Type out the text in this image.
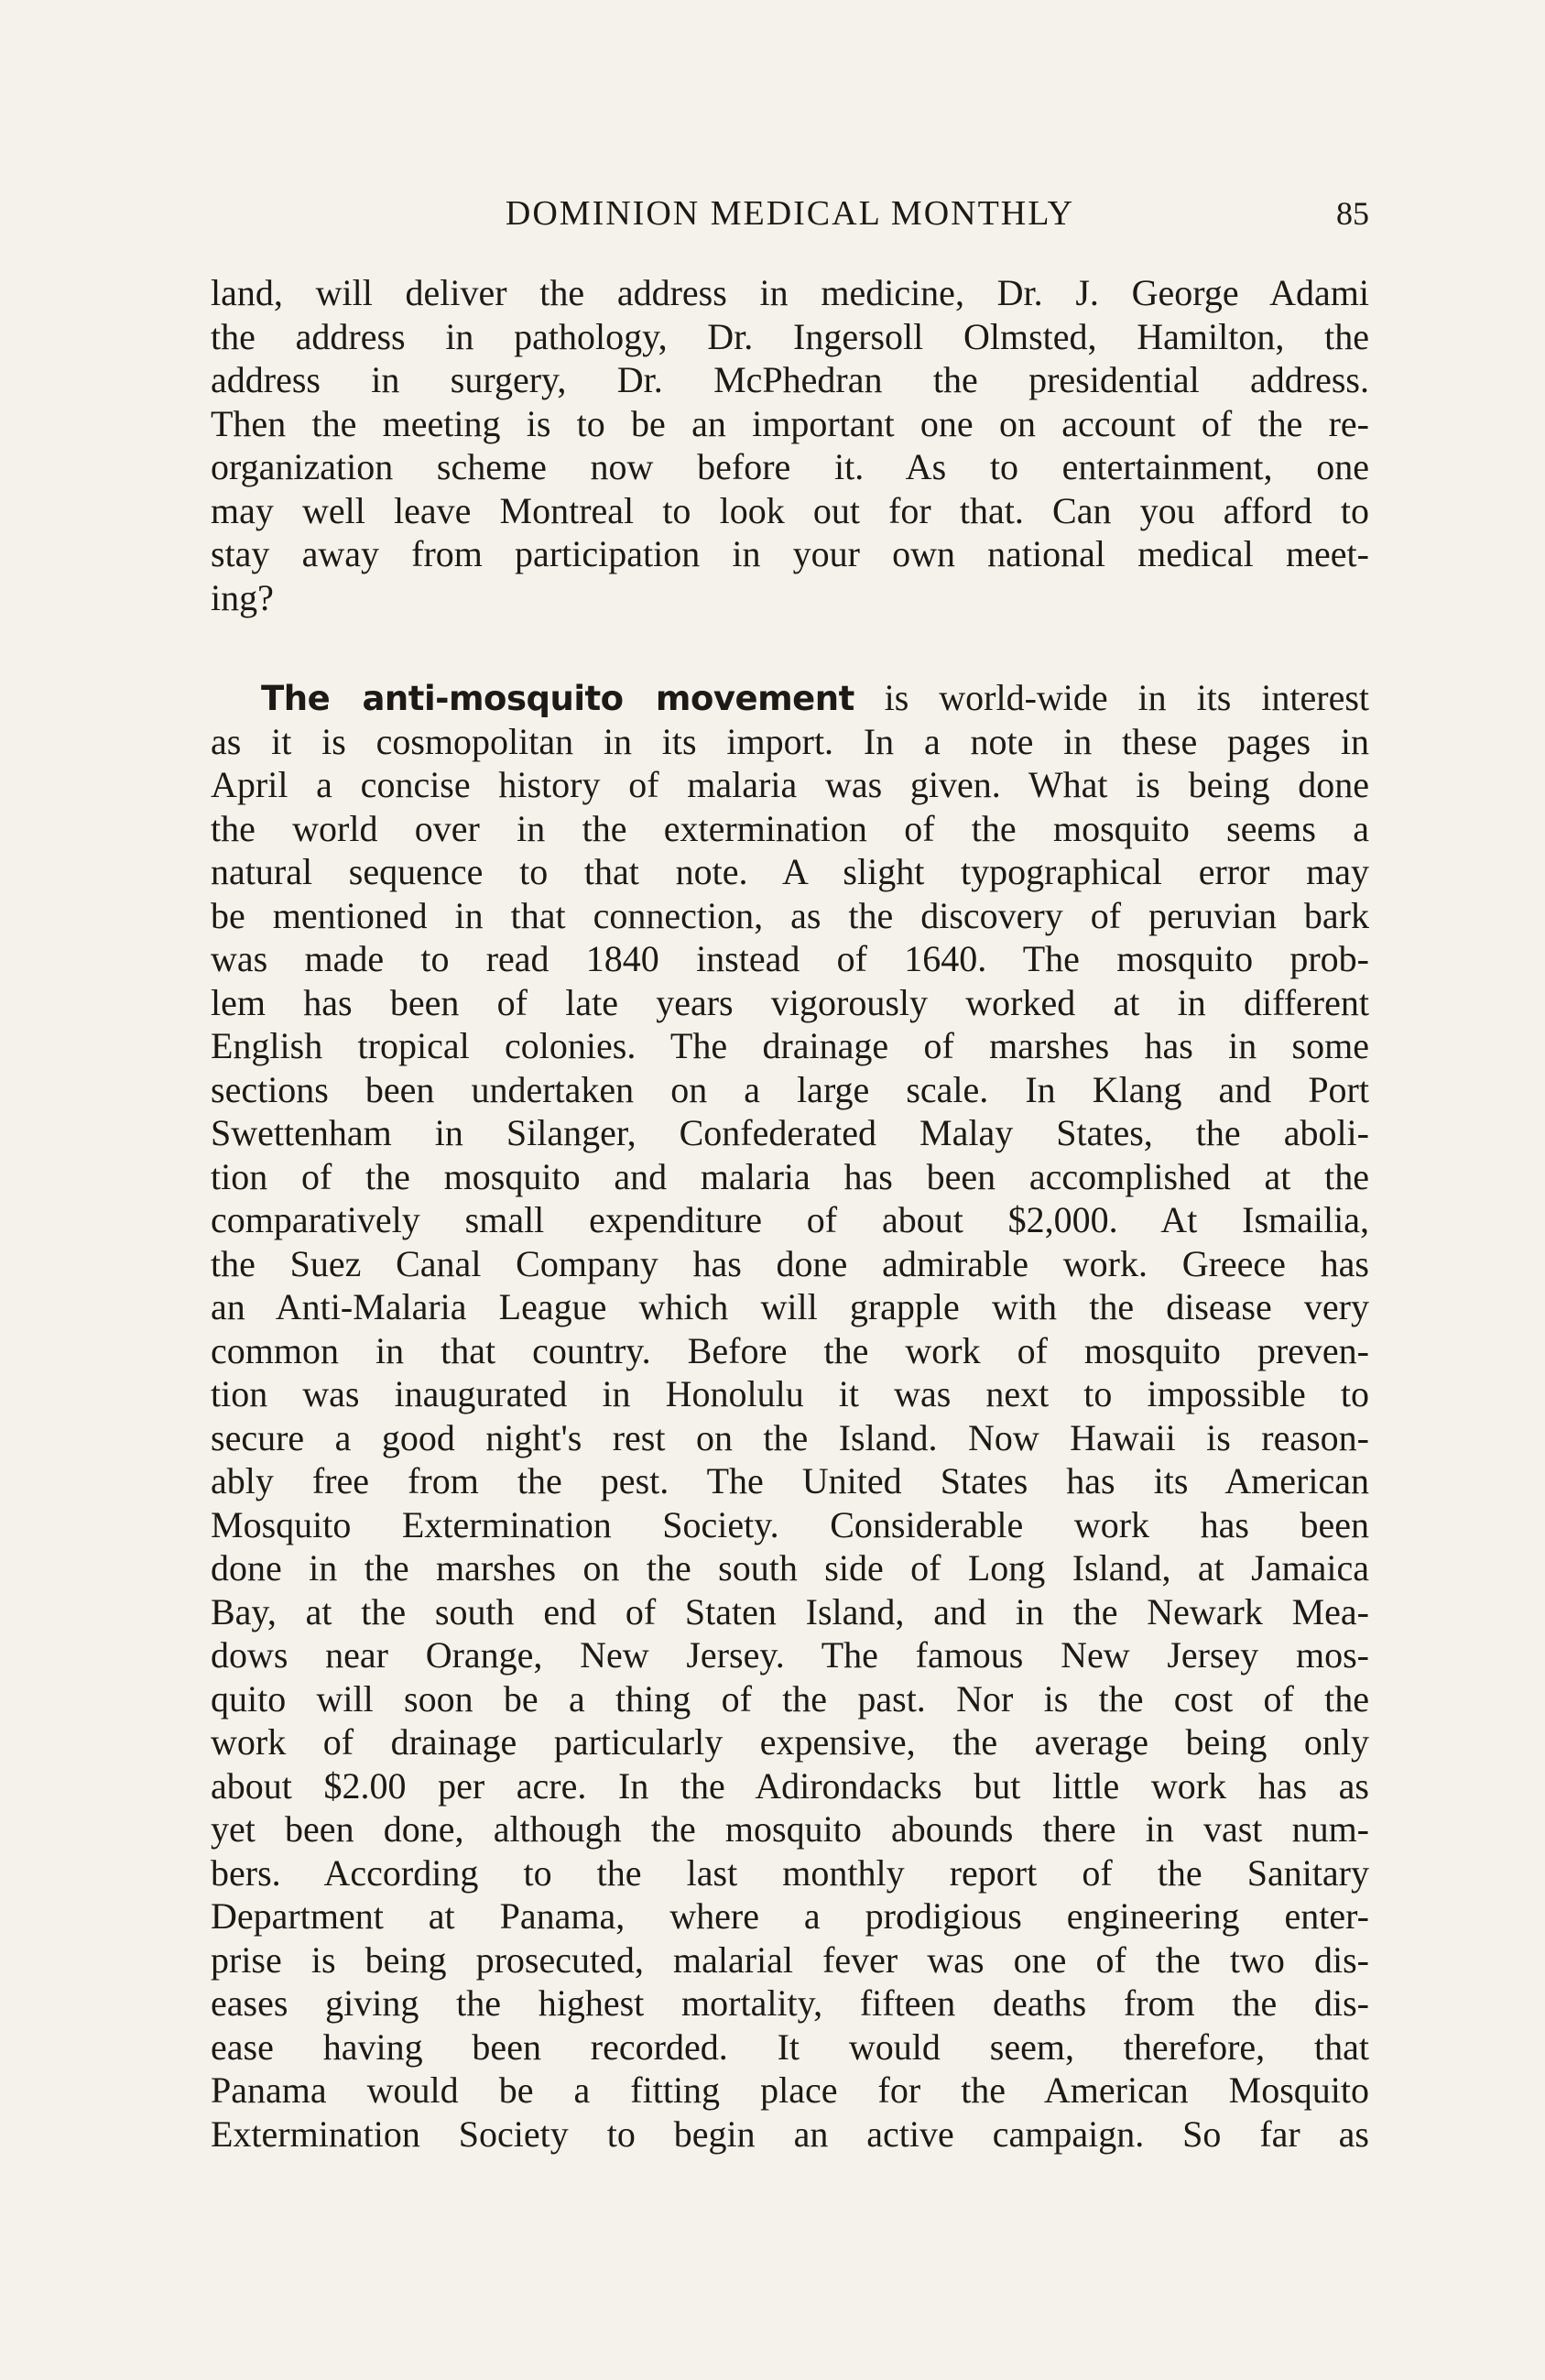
DOMINION MEDICAL MONTHLY	85
land, will deliver the address in medicine, Dr. J. George Adami
the address in pathology, Dr. Ingersoll Olmsted, Hamilton, the
address in surgery, Dr. McPhedran the presidential address.
Then the meeting is to be an important one on account of the re-
organization scheme now before it. As to entertainment, one
may well leave Montreal to look out for that. Can you afford to
stay away from participation in your own national medical meet-
ing?
The anti-mosquito movement is world-wide in its interest
as it is cosmopolitan in its import. In a note in these pages in
April a concise history of malaria was given. What is being done
the world over in the extermination of the mosquito seems a
natural sequence to that note. A slight typographical error may
be mentioned in that connection, as the discovery of peruvian bark
was made to read 1840 instead of 1640. The mosquito prob-
lem has been of late years vigorously worked at in different
English tropical colonies. The drainage of marshes has in some
sections been undertaken on a large scale. In Klang and Port
Swettenham in Silanger, Confederated Malay States, the aboli-
tion of the mosquito and malaria has been accomplished at the
comparatively small expenditure of about $2,000. At Ismailia,
the Suez Canal Company has done admirable work. Greece has
an Anti-Malaria League which will grapple with the disease very
common in that country. Before the work of mosquito preven-
tion was inaugurated in Honolulu it was next to impossible to
secure a good night's rest on the Island. Now Hawaii is reason-
ably free from the pest. The United States has its American
Mosquito Extermination Society. Considerable work has been
done in the marshes on the south side of Long Island, at Jamaica
Bay, at the south end of Staten Island, and in the Newark Mea-
dows near Orange, New Jersey. The famous New Jersey mos-
quito will soon be a thing of the past. Nor is the cost of the
work of drainage particularly expensive, the average being only
about $2.00 per acre. In the Adirondacks but little work has as
yet been done, although the mosquito abounds there in vast num-
bers. According to the last monthly report of the Sanitary
Department at Panama, where a prodigious engineering enter-
prise is being prosecuted, malarial fever was one of the two dis-
eases giving the highest mortality, fifteen deaths from the dis-
ease having been recorded. It would seem, therefore, that
Panama would be a fitting place for the American Mosquito
Extermination Society to begin an active campaign. So far as
